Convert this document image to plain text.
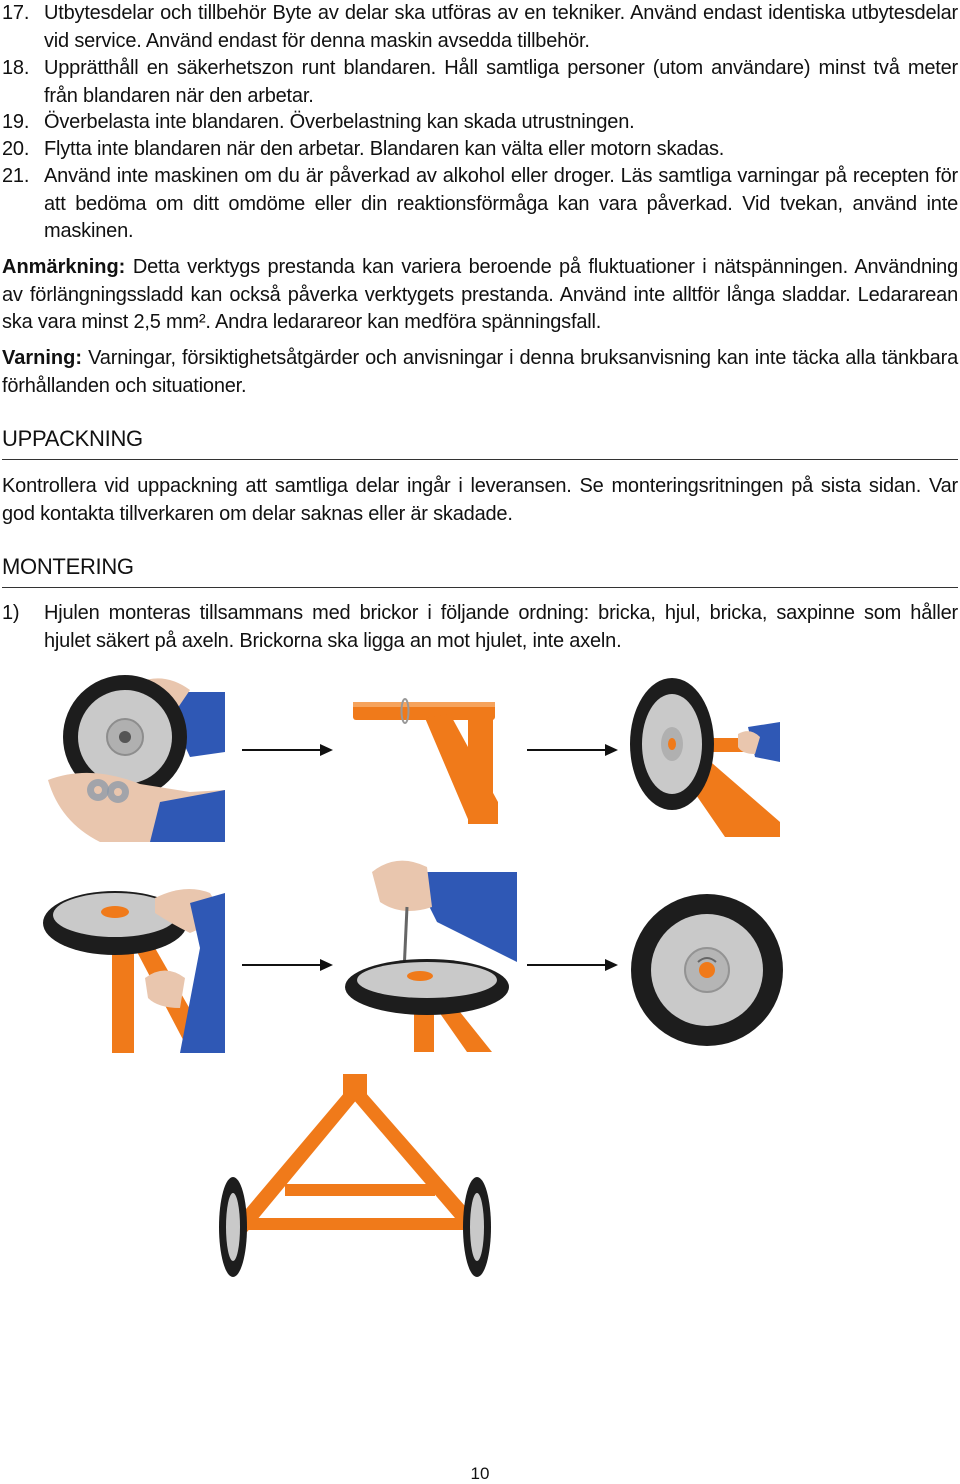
17. Utbytesdelar och tillbehör Byte av delar ska utföras av en tekniker. Använd endast identiska utbytesdelar vid service. Använd endast för denna maskin avsedda tillbehör.
18. Upprätthåll en säkerhetszon runt blandaren. Håll samtliga personer (utom användare) minst två meter från blandaren när den arbetar.
19. Överbelasta inte blandaren. Överbelastning kan skada utrustningen.
20. Flytta inte blandaren när den arbetar. Blandaren kan välta eller motorn skadas.
21. Använd inte maskinen om du är påverkad av alkohol eller droger. Läs samtliga varningar på recepten för att bedöma om ditt omdöme eller din reaktionsförmåga kan vara påverkad. Vid tvekan, använd inte maskinen.
Anmärkning: Detta verktygs prestanda kan variera beroende på fluktuationer i nätspänningen. Användning av förlängningssladd kan också påverka verktygets prestanda. Använd inte alltför långa sladdar. Ledararean ska vara minst 2,5 mm². Andra ledarareor kan medföra spänningsfall.
Varning: Varningar, försiktighetsåtgärder och anvisningar i denna bruksanvisning kan inte täcka alla tänkbara förhållanden och situationer.
UPPACKNING
Kontrollera vid uppackning att samtliga delar ingår i leveransen. Se monteringsritningen på sista sidan. Var god kontakta tillverkaren om delar saknas eller är skadade.
MONTERING
1)	Hjulen monteras tillsammans med brickor i följande ordning: bricka, hjul, bricka, saxpinne som håller hjulet säkert på axeln. Brickorna ska ligga an mot hjulet, inte axeln.
10
